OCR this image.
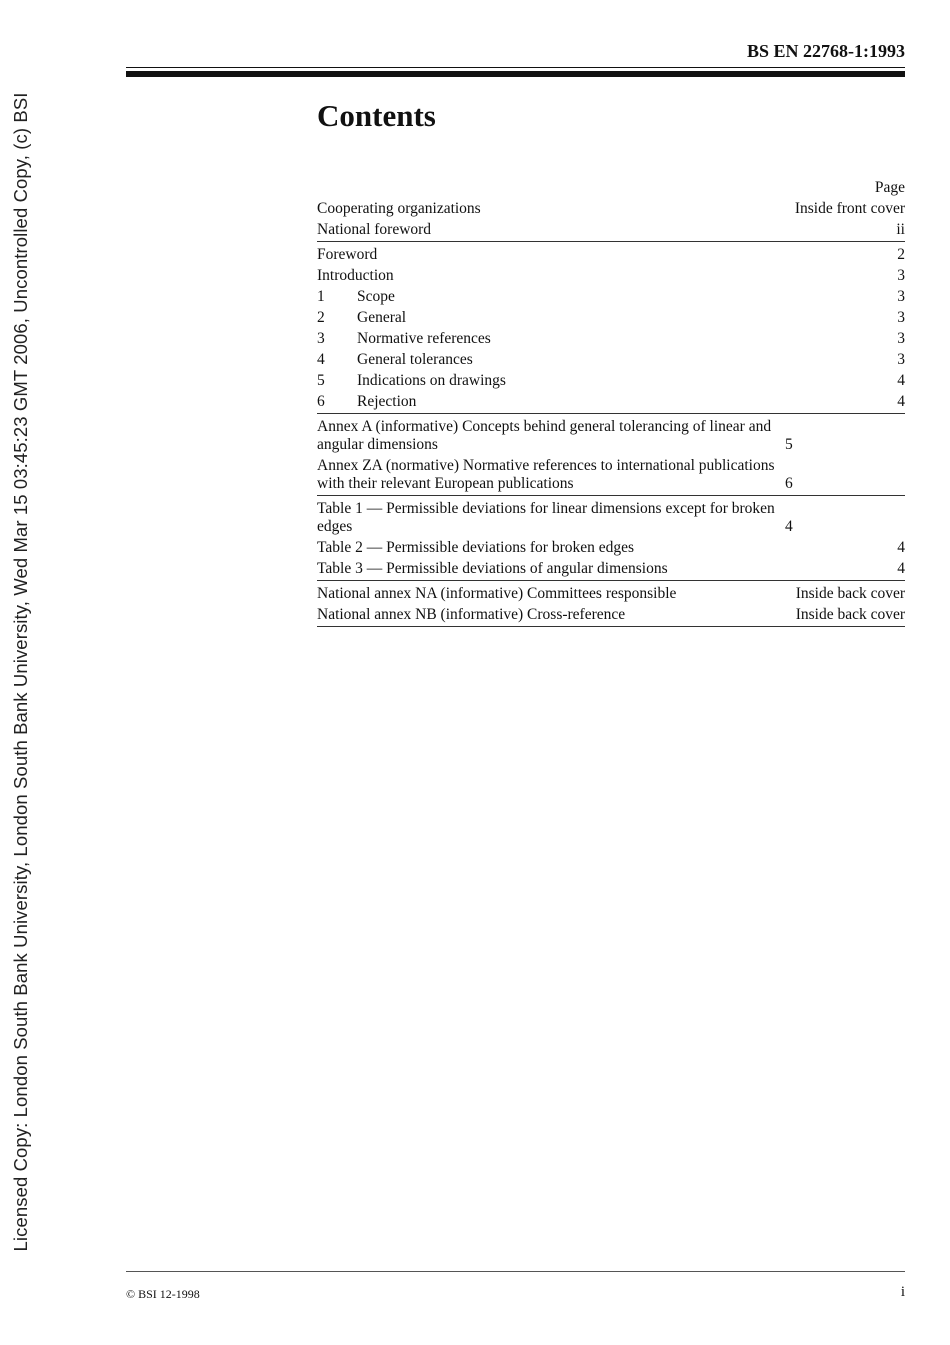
Licensed Copy: London South Bank University, London South Bank University, Wed Mar 15 03:45:23 GMT 2006, Uncontrolled Copy, (c) BSI
BS EN 22768-1:1993
Contents
Page
Cooperating organizations	Inside front cover
National foreword	ii
Foreword	2
Introduction	3
1	Scope	3
2	General	3
3	Normative references	3
4	General tolerances	3
5	Indications on drawings	4
6	Rejection	4
Annex A (informative) Concepts behind general tolerancing of linear and angular dimensions	5
Annex ZA (normative) Normative references to international publications with their relevant European publications	6
Table 1 — Permissible deviations for linear dimensions except for broken edges	4
Table 2 — Permissible deviations for broken edges	4
Table 3 — Permissible deviations of angular dimensions	4
National annex NA (informative) Committees responsible	Inside back cover
National annex NB (informative) Cross-reference	Inside back cover
© BSI 12-1998	i
